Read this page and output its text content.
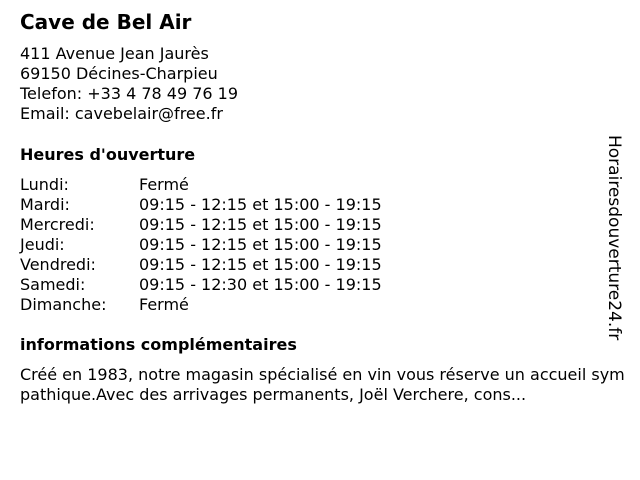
Cave de Bel Air
411 Avenue Jean Jaurès
69150 Décines-Charpieu
Telefon: +33 4 78 49 76 19
Email: cavebelair@free.fr
Heures d'ouverture
Lundi:	Fermé
Mardi:	09:15 - 12:15 et 15:00 - 19:15
Mercredi:	09:15 - 12:15 et 15:00 - 19:15
Jeudi:	09:15 - 12:15 et 15:00 - 19:15
Vendredi:	09:15 - 12:15 et 15:00 - 19:15
Samedi:	09:15 - 12:30 et 15:00 - 19:15
Dimanche: Fermé
informations complémentaires
Créé en 1983, notre magasin spécialisé en vin vous réserve un accueil sympathique.Avec des arrivages permanents, Joël Verchere, cons...
Horairesdouverture24.fr
